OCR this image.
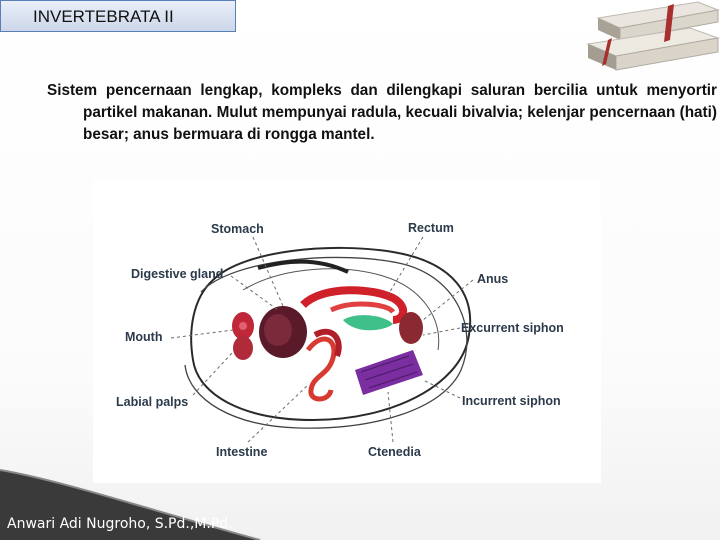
INVERTEBRATA II
Sistem pencernaan lengkap, kompleks dan dilengkapi saluran bercilia untuk menyortir partikel makanan. Mulut mempunyai radula, kecuali bivalvia; kelenjar pencernaan (hati) besar; anus bermuara di rongga mantel.
Stomach	Rectum
Digestive gland	Anus
Mouth
Excurrent siphon
Labial palps	Incurrent siphon
Intestine	Ctenedia
Anwari Adi Nugroho, S.Pd.,M.Pd.
